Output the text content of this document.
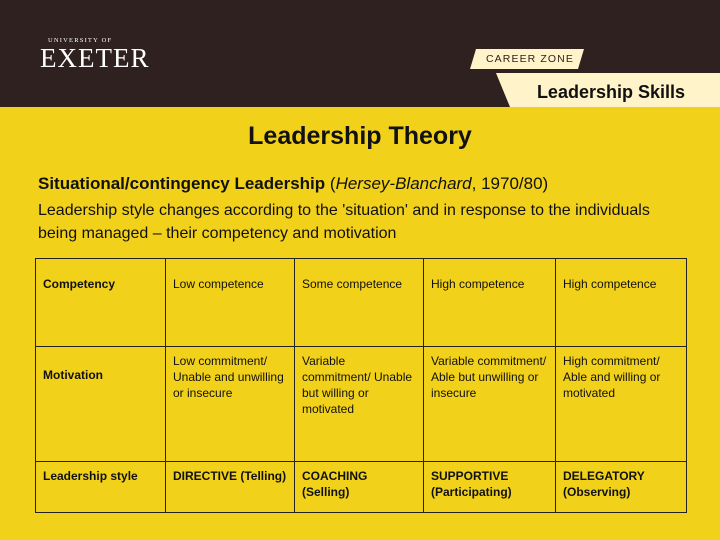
UNIVERSITY OF
EXETER	CAREER ZONE
Leadership Skills
Leadership Theory
Situational/contingency Leadership (Hersey-Blanchard, 1970/80)
Leadership style changes according to the 'situation' and in response to the individuals being managed – their competency and motivation
Competency	Low competence	Some competence	High competence	High competence
Motivation	Low commitment/ Unable and unwilling or insecure	Variable commitment/ Unable but willing or motivated	Variable commitment/ Able but unwilling or insecure	High commitment/ Able and willing or motivated
Leadership style	DIRECTIVE (Telling)	COACHING (Selling)	SUPPORTIVE (Participating)	DELEGATORY (Observing)
